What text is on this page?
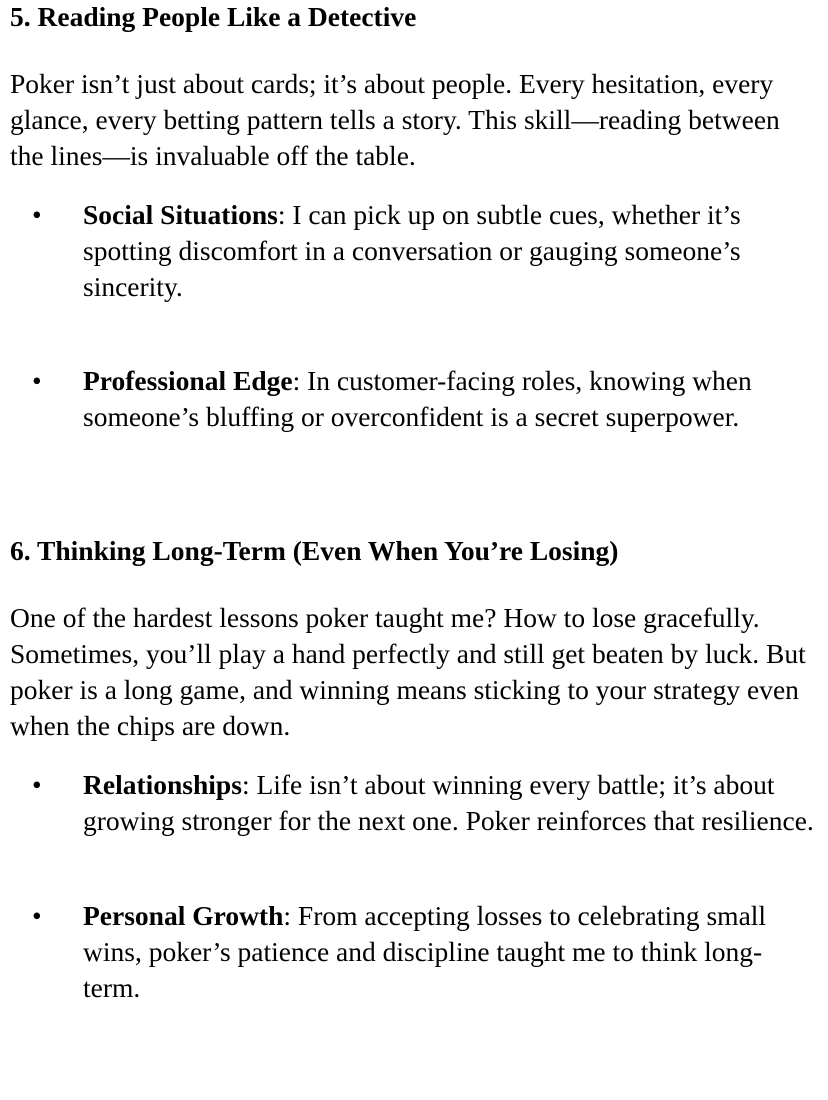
5. Reading People Like a Detective

Poker isn’t just about cards; it’s about people. Every hesitation, every glance, every betting pattern tells a story. This skill—reading between the lines—is invaluable off the table.

• Social Situations: I can pick up on subtle cues, whether it’s spotting discomfort in a conversation or gauging someone’s sincerity.
• Professional Edge: In customer-facing roles, knowing when someone’s bluffing or overconfident is a secret superpower.
6. Thinking Long-Term (Even When You’re Losing)

One of the hardest lessons poker taught me? How to lose gracefully. Sometimes, you’ll play a hand perfectly and still get beaten by luck. But poker is a long game, and winning means sticking to your strategy even when the chips are down.

• Relationships: Life isn’t about winning every battle; it’s about growing stronger for the next one. Poker reinforces that resilience.
• Personal Growth: From accepting losses to celebrating small wins, poker’s patience and discipline taught me to think long-term.
